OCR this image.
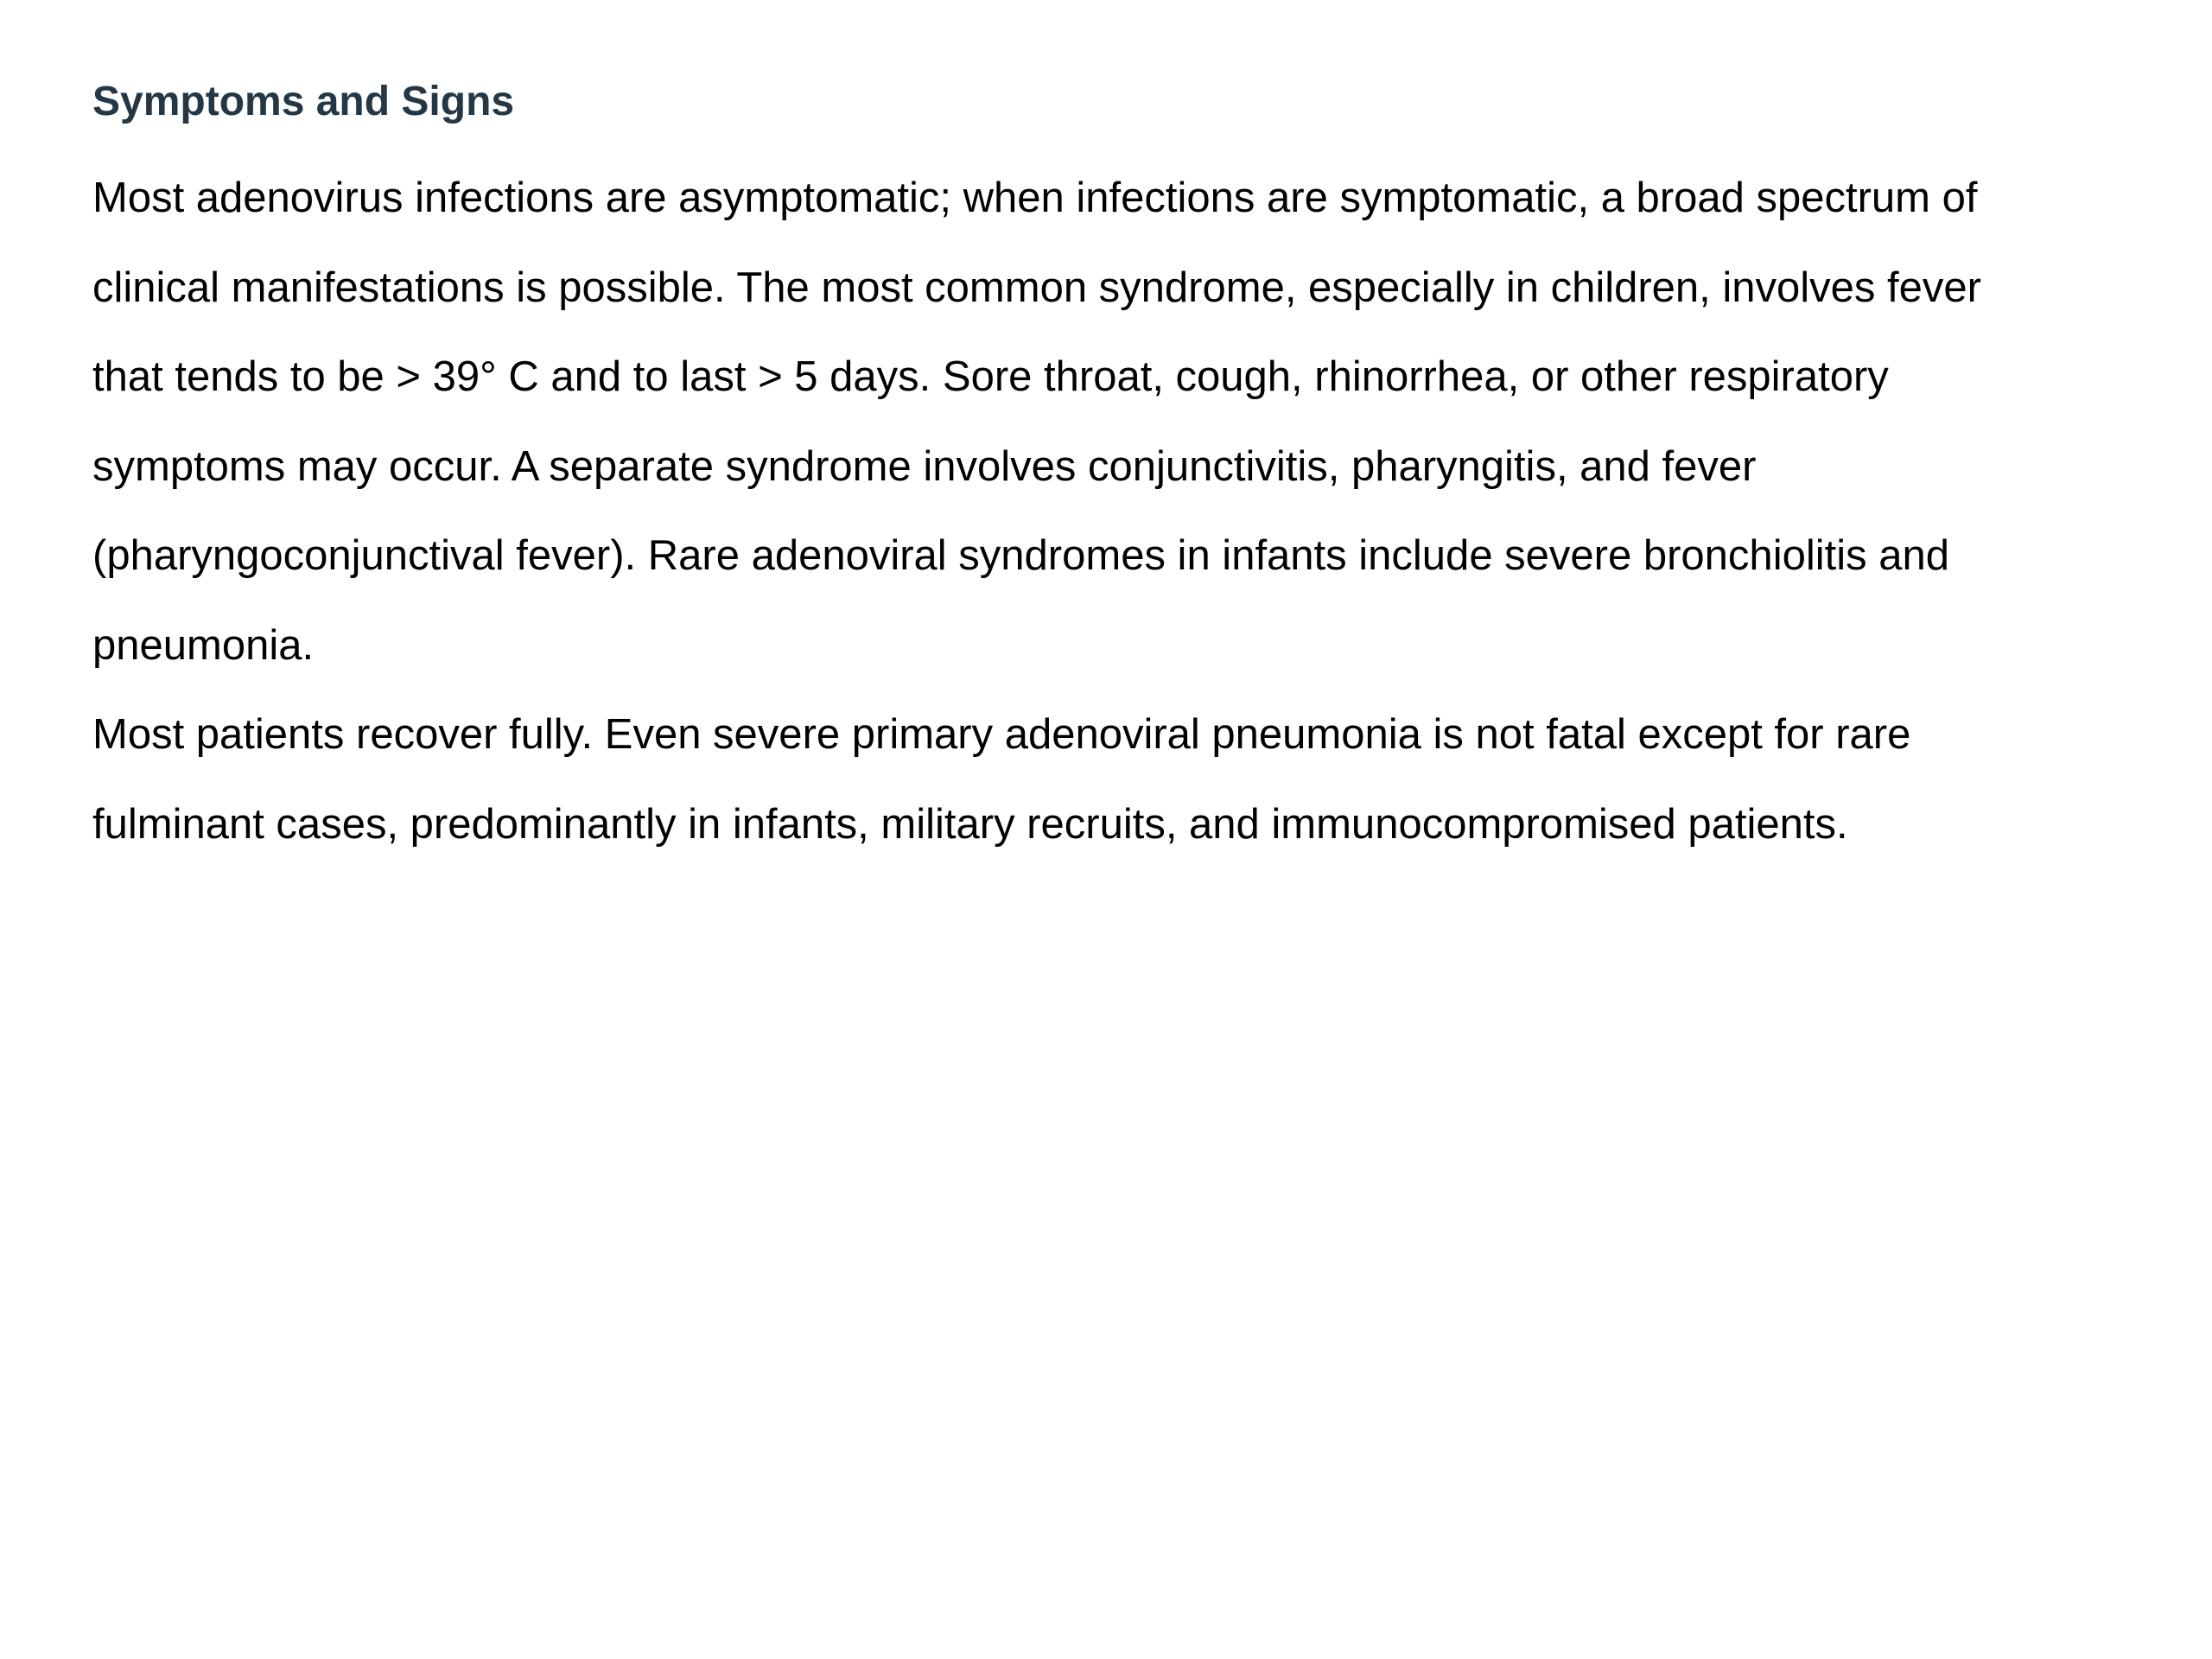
Symptoms and Signs

Most adenovirus infections are asymptomatic; when infections are symptomatic, a broad spectrum of
clinical manifestations is possible. The most common syndrome, especially in children, involves fever
that tends to be > 39° C and to last > 5 days. Sore throat, cough, rhinorrhea, or other respiratory
symptoms may occur. A separate syndrome involves conjunctivitis, pharyngitis, and fever
(pharyngoconjunctival fever). Rare adenoviral syndromes in infants include severe bronchiolitis and
pneumonia.

Most patients recover fully. Even severe primary adenoviral pneumonia is not fatal except for rare
fulminant cases, predominantly in infants, military recruits, and immunocompromised patients.
